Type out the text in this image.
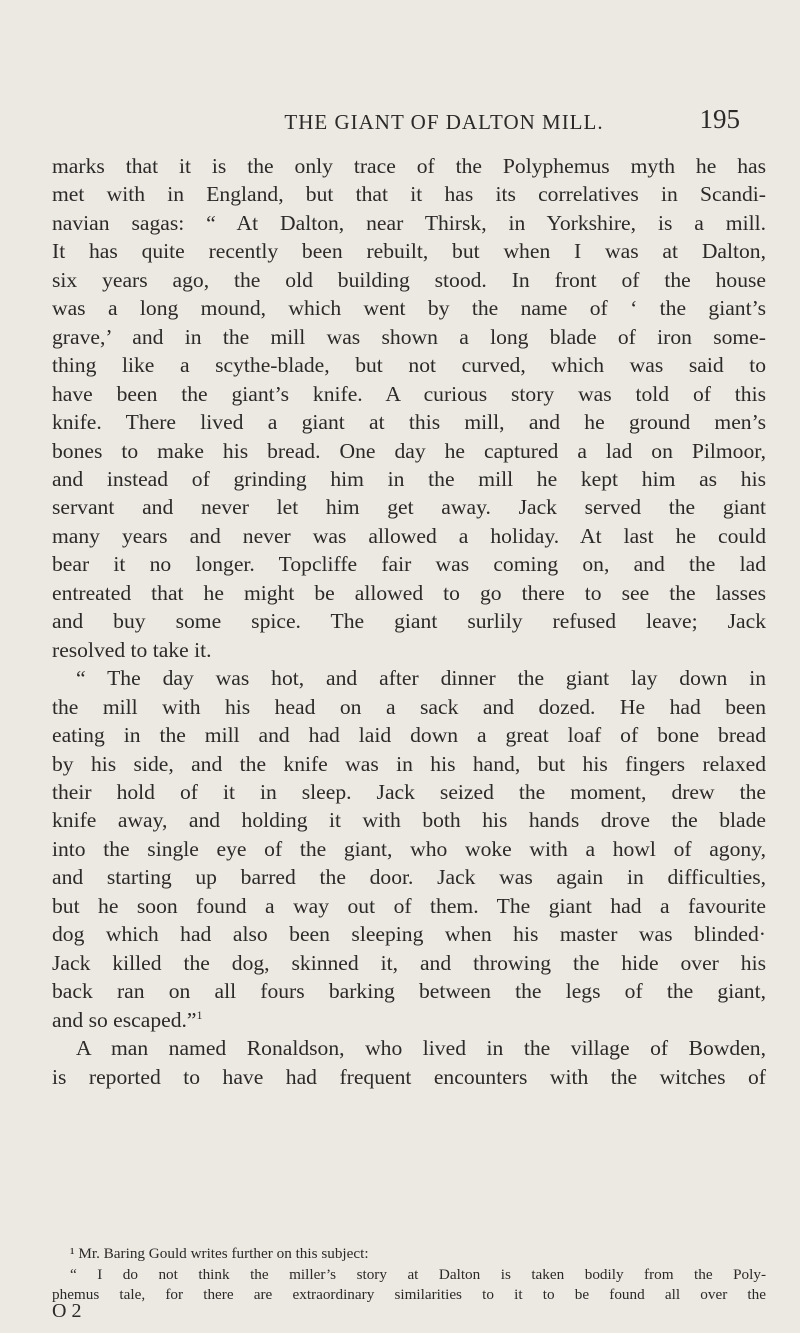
THE GIANT OF DALTON MILL.	195
marks that it is the only trace of the Polyphemus myth he has
met with in England, but that it has its correlatives in Scandi-
navian sagas: “ At Dalton, near Thirsk, in Yorkshire, is a mill.
It has quite recently been rebuilt, but when I was at Dalton,
six years ago, the old building stood. In front of the house
was a long mound, which went by the name of ‘ the giant’s
grave,’ and in the mill was shown a long blade of iron some-
thing like a scythe-blade, but not curved, which was said to
have been the giant’s knife. A curious story was told of this
knife. There lived a giant at this mill, and he ground men’s
bones to make his bread. One day he captured a lad on Pilmoor,
and instead of grinding him in the mill he kept him as his
servant and never let him get away. Jack served the giant
many years and never was allowed a holiday. At last he could
bear it no longer. Topcliffe fair was coming on, and the lad
entreated that he might be allowed to go there to see the lasses
and buy some spice. The giant surlily refused leave; Jack
resolved to take it.
“ The day was hot, and after dinner the giant lay down in
the mill with his head on a sack and dozed. He had been
eating in the mill and had laid down a great loaf of bone bread
by his side, and the knife was in his hand, but his fingers relaxed
their hold of it in sleep. Jack seized the moment, drew the
knife away, and holding it with both his hands drove the blade
into the single eye of the giant, who woke with a howl of agony,
and starting up barred the door. Jack was again in difficulties,
but he soon found a way out of them. The giant had a favourite
dog which had also been sleeping when his master was blinded·
Jack killed the dog, skinned it, and throwing the hide over his
back ran on all fours barking between the legs of the giant,
and so escaped.”$^1$
A man named Ronaldson, who lived in the village of Bowden,
is reported to have had frequent encounters with the witches of
¹ Mr. Baring Gould writes further on this subject:
“ I do not think the miller’s story at Dalton is taken bodily from the Poly-
phemus tale, for there are extraordinary similarities to it to be found all over the
O 2
